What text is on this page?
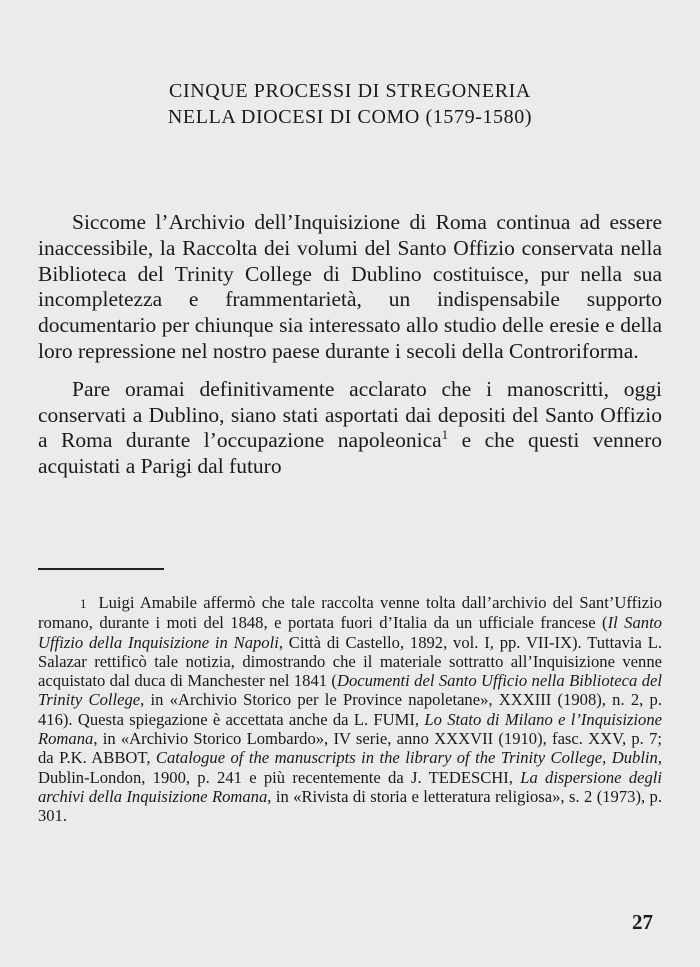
CINQUE PROCESSI DI STREGONERIA
NELLA DIOCESI DI COMO (1579-1580)

Siccome l’Archivio dell’Inquisizione di Roma continua ad essere inaccessibile, la Raccolta dei volumi del Santo Offizio conservata nella Biblioteca del Trinity College di Dublino costituisce, pur nella sua incompletezza e frammentarietà, un indispensabile supporto documentario per chiunque sia interessato allo studio delle eresie e della loro repressione nel nostro paese durante i secoli della Controriforma.

Pare oramai definitivamente acclarato che i manoscritti, oggi conservati a Dublino, siano stati asportati dai depositi del Santo Offizio a Roma durante l’occupazione napoleonica$^1$ e che questi vennero acquistati a Parigi dal futuro

1 Luigi Amabile affermò che tale raccolta venne tolta dall’archivio del Sant’Uffizio romano, durante i moti del 1848, e portata fuori d’Italia da un ufficiale francese (Il Santo Uffizio della Inquisizione in Napoli, Città di Castello, 1892, vol. I, pp. VII-IX). Tuttavia L. Salazar rettificò tale notizia, dimostrando che il materiale sottratto all’Inquisizione venne acquistato dal duca di Manchester nel 1841 (Documenti del Santo Ufficio nella Biblioteca del Trinity College, in «Archivio Storico per le Province napoletane», XXXIII (1908), n. 2, p. 416). Questa spiegazione è accettata anche da L. FUMI, Lo Stato di Milano e l’Inquisizione Romana, in «Archivio Storico Lombardo», IV serie, anno XXXVII (1910), fasc. XXV, p. 7; da P.K. ABBOT, Catalogue of the manuscripts in the library of the Trinity College, Dublin, Dublin-London, 1900, p. 241 e più recentemente da J. TEDESCHI, La dispersione degli archivi della Inquisizione Romana, in «Rivista di storia e letteratura religiosa», s. 2 (1973), p. 301.

27
